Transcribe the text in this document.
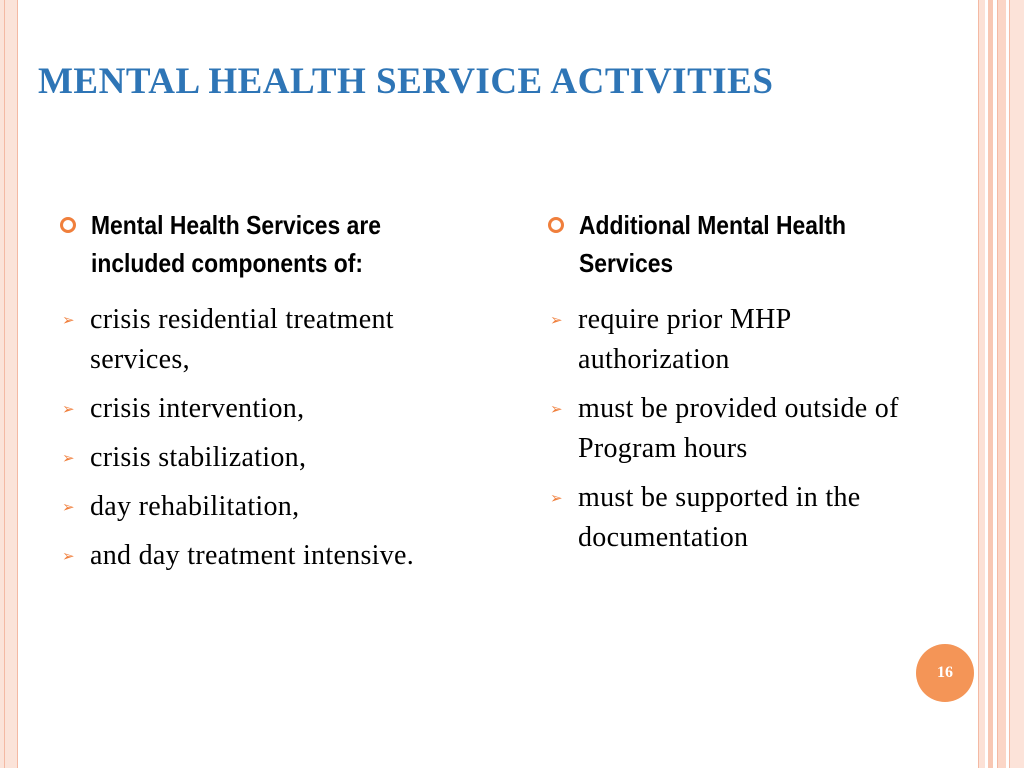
MENTAL HEALTH SERVICE ACTIVITIES
Mental Health Services are included components of:
➢ crisis residential treatment services,
➢ crisis intervention,
➢ crisis stabilization,
➢ day rehabilitation,
➢ and day treatment intensive.
Additional Mental Health Services
➢ require prior MHP authorization
➢ must be provided outside of Program hours
➢ must be supported in the documentation
16
